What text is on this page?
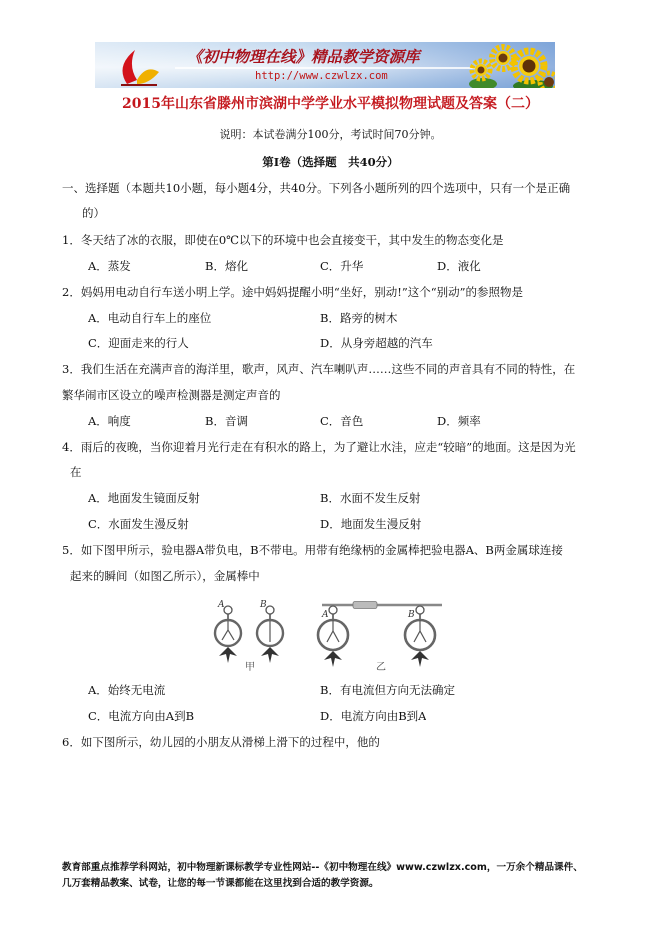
《初中物理在线》精品教学资源库
http://www.czwlzx.com
2015年山东省滕州市滨湖中学学业水平模拟物理试题及答案（二）
说明：本试卷满分100分，考试时间70分钟。
第Ⅰ卷（选择题　共40分）
一、选择题（本题共10小题，每小题4分，共40分。下列各小题所列的四个选项中，只有一个是正确
的）
1．冬天结了冰的衣服，即使在0℃以下的环境中也会直接变干，其中发生的物态变化是
A．蒸发	B．熔化	C．升华	D．液化
2．妈妈用电动自行车送小明上学。途中妈妈提醒小明“坐好，别动!”这个“别动”的参照物是
A．电动自行车上的座位	B．路旁的树木
C．迎面走来的行人	D．从身旁超越的汽车
3．我们生活在充满声音的海洋里，歌声，风声、汽车喇叭声……这些不同的声音具有不同的特性，在
繁华闹市区设立的噪声检测器是测定声音的
A．响度	B．音调	C．音色	D．频率
4．雨后的夜晚，当你迎着月光行走在有积水的路上，为了避让水洼，应走“较暗”的地面。这是因为光
在
A．地面发生镜面反射	B．水面不发生反射
C．水面发生漫反射	D．地面发生漫反射
5．如下图甲所示，验电器A带负电，B不带电。用带有绝缘柄的金属棒把验电器A、B两金属球连接
起来的瞬间（如图乙所示），金属棒中
A	B
甲
A	B
乙
A．始终无电流	B．有电流但方向无法确定
C．电流方向由A到B	D．电流方向由B到A
6．如下图所示，幼儿园的小朋友从滑梯上滑下的过程中，他的
教育部重点推荐学科网站，初中物理新课标教学专业性网站--《初中物理在线》www.czwlzx.com，一万余个精品课件、
几万套精品教案、试卷，让您的每一节课都能在这里找到合适的教学资源。
